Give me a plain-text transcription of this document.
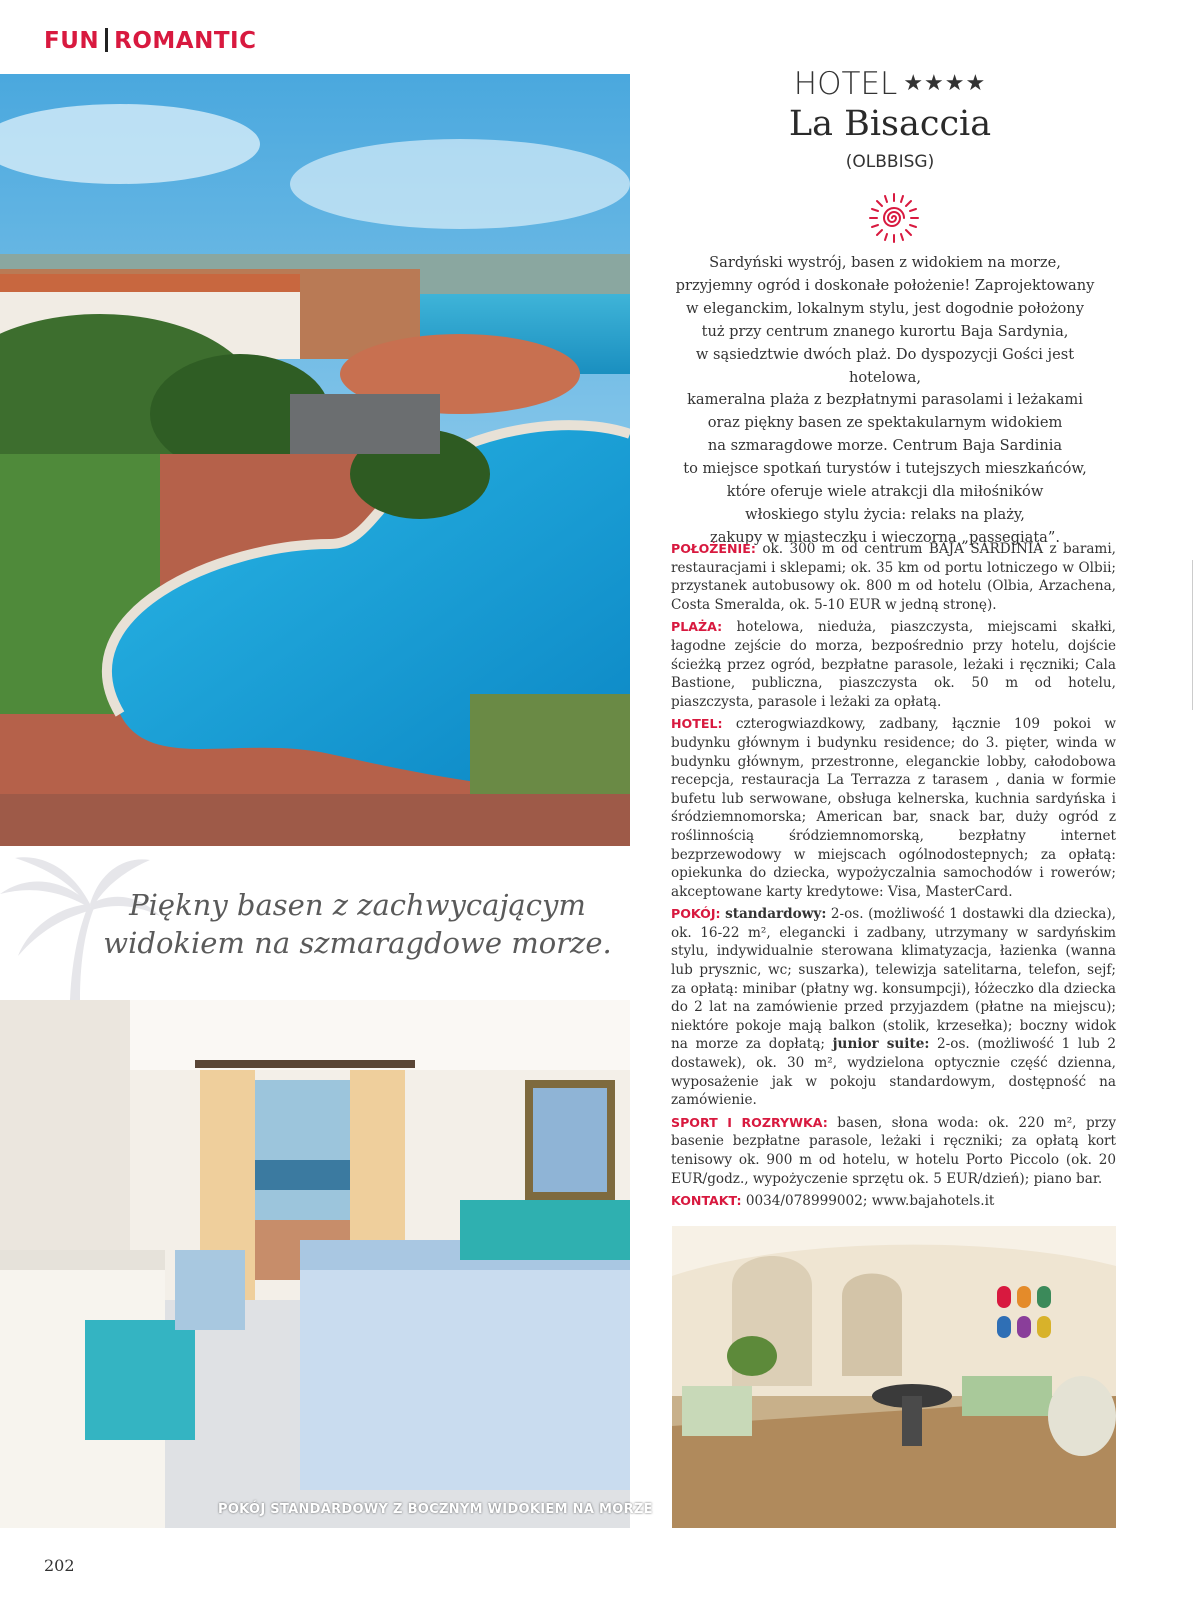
FUN ROMANTIC
Piękny basen z zachwycającym
widokiem na szmaragdowe morze.
POKÓJ STANDARDOWY Z BOCZNYM WIDOKIEM NA MORZE
HOTEL ★★★★
La Bisaccia
(OLBBISG)
Sardyński wystrój, basen z widokiem na morze,
przyjemny ogród i doskonałe położenie! Zaprojektowany
w eleganckim, lokalnym stylu, jest dogodnie położony
tuż przy centrum znanego kurortu Baja Sardynia,
w sąsiedztwie dwóch plaż. Do dyspozycji Gości jest hotelowa,
kameralna plaża z bezpłatnymi parasolami i leżakami
oraz piękny basen ze spektakularnym widokiem
na szmaragdowe morze. Centrum Baja Sardinia
to miejsce spotkań turystów i tutejszych mieszkańców,
które oferuje wiele atrakcji dla miłośników
włoskiego stylu życia: relaks na plaży,
zakupy w miasteczku i wieczorna „passegiata”.

POŁOŻENIE: ok. 300 m od centrum BAJA SARDINIA z barami, restauracjami i sklepami; ok. 35 km od portu lotniczego w Olbii; przystanek autobusowy ok. 800 m od hotelu (Olbia, Arzachena, Costa Smeralda, ok. 5-10 EUR w jedną stronę).

PLAŻA: hotelowa, nieduża, piaszczysta, miejscami skałki, łagodne zejście do morza, bezpośrednio przy hotelu, dojście ścieżką przez ogród, bezpłatne parasole, leżaki i ręczniki; Cala Bastione, publiczna, piaszczysta ok. 50 m od hotelu, piaszczysta, parasole i leżaki za opłatą.

HOTEL: czterogwiazdkowy, zadbany, łącznie 109 pokoi w budynku głównym i budynku residence; do 3. pięter, winda w budynku głównym, przestronne, eleganckie lobby, całodobowa recepcja, restauracja La Terrazza z tarasem , dania w formie bufetu lub serwowane, obsługa kelnerska, kuchnia sardyńska i śródziemnomorska; American bar, snack bar, duży ogród z roślinnością śródziemnomorską, bezpłatny internet bezprzewodowy w miejscach ogólnodostepnych; za opłatą: opiekunka do dziecka, wypożyczalnia samochodów i rowerów; akceptowane karty kredytowe: Visa, MasterCard.

POKÓJ: standardowy: 2-os. (możliwość 1 dostawki dla dziecka), ok. 16-22 m², elegancki i zadbany, utrzymany w sardyńskim stylu, indywidualnie sterowana klimatyzacja, łazienka (wanna lub prysznic, wc; suszarka), telewizja satelitarna, telefon, sejf; za opłatą: minibar (płatny wg. konsumpcji), łóżeczko dla dziecka do 2 lat na zamówienie przed przyjazdem (płatne na miejscu); niektóre pokoje mają balkon (stolik, krzesełka); boczny widok na morze za dopłatą; junior suite: 2-os. (możliwość 1 lub 2 dostawek), ok. 30 m², wydzielona optycznie część dzienna, wyposażenie jak w pokoju standardowym, dostępność na zamówienie.

SPORT I ROZRYWKA: basen, słona woda: ok. 220 m², przy basenie bezpłatne parasole, leżaki i ręczniki; za opłatą kort tenisowy ok. 900 m od hotelu, w hotelu Porto Piccolo (ok. 20 EUR/godz., wypożyczenie sprzętu ok. 5 EUR/dzień); piano bar.

KONTAKT: 0034/078999002; www.bajahotels.it

202
